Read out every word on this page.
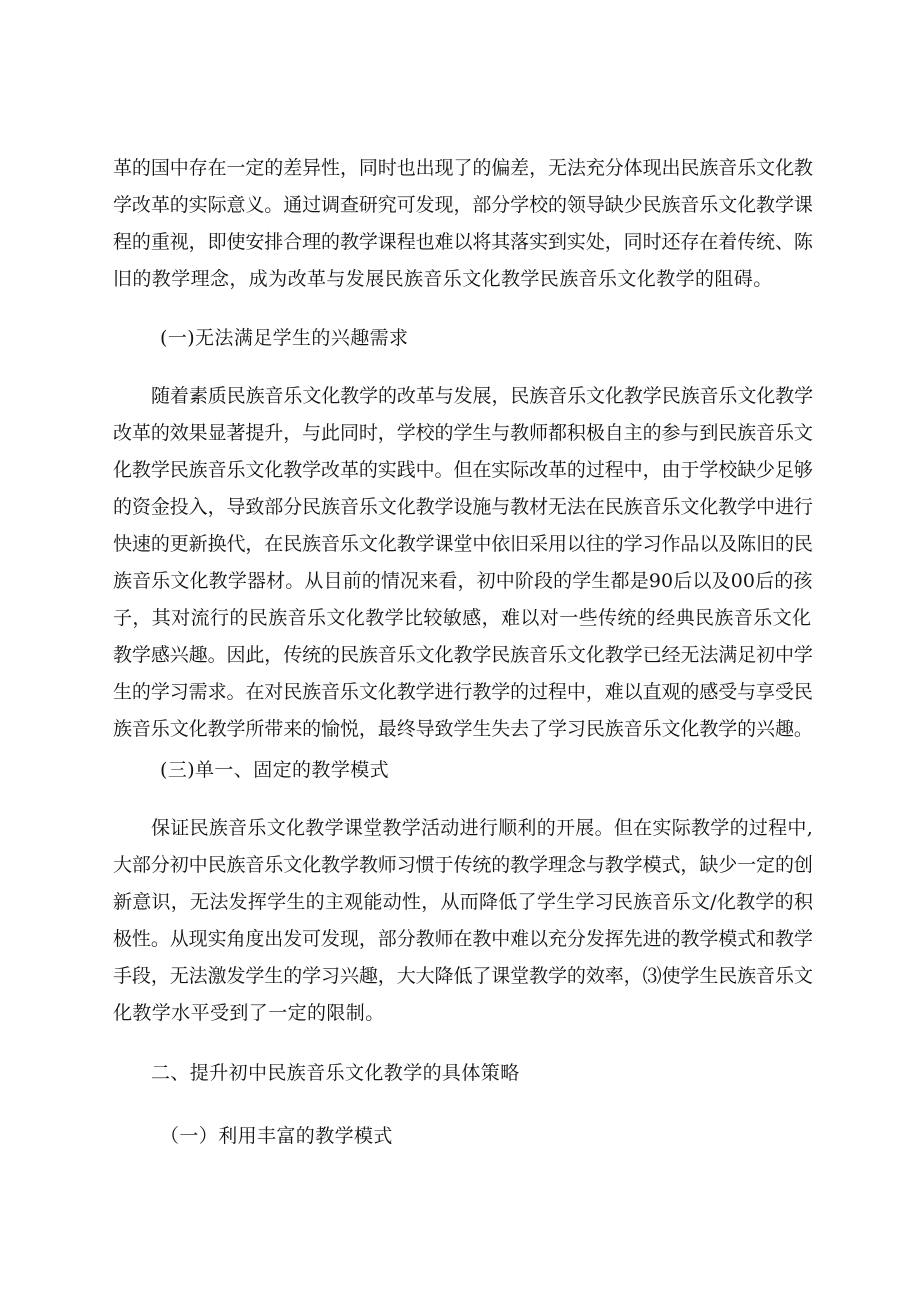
革的国中存在一定的差异性，同时也出现了的偏差，无法充分体现出民族音乐文化教
学改革的实际意义。通过调查研究可发现，部分学校的领导缺少民族音乐文化教学课
程的重视，即使安排合理的教学课程也难以将其落实到实处，同时还存在着传统、陈
旧的教学理念，成为改革与发展民族音乐文化教学民族音乐文化教学的阻碍。
(一)无法满足学生的兴趣需求
随着素质民族音乐文化教学的改革与发展，民族音乐文化教学民族音乐文化教学
改革的效果显著提升，与此同时，学校的学生与教师都积极自主的参与到民族音乐文
化教学民族音乐文化教学改革的实践中。但在实际改革的过程中，由于学校缺少足够
的资金投入，导致部分民族音乐文化教学设施与教材无法在民族音乐文化教学中进行
快速的更新换代，在民族音乐文化教学课堂中依旧采用以往的学习作品以及陈旧的民
族音乐文化教学器材。从目前的情况来看，初中阶段的学生都是90后以及00后的孩
子，其对流行的民族音乐文化教学比较敏感，难以对一些传统的经典民族音乐文化
教学感兴趣。因此，传统的民族音乐文化教学民族音乐文化教学已经无法满足初中学
生的学习需求。在对民族音乐文化教学进行教学的过程中，难以直观的感受与享受民
族音乐文化教学所带来的愉悦，最终导致学生失去了学习民族音乐文化教学的兴趣。
(三)单一、固定的教学模式
保证民族音乐文化教学课堂教学活动进行顺利的开展。但在实际教学的过程中,
大部分初中民族音乐文化教学教师习惯于传统的教学理念与教学模式，缺少一定的创
新意识，无法发挥学生的主观能动性，从而降低了学生学习民族音乐文/化教学的积
极性。从现实角度出发可发现，部分教师在教中难以充分发挥先进的教学模式和教学
手段，无法激发学生的学习兴趣，大大降低了课堂教学的效率，⑶使学生民族音乐文
化教学水平受到了一定的限制。
二、提升初中民族音乐文化教学的具体策略
（一）利用丰富的教学模式
